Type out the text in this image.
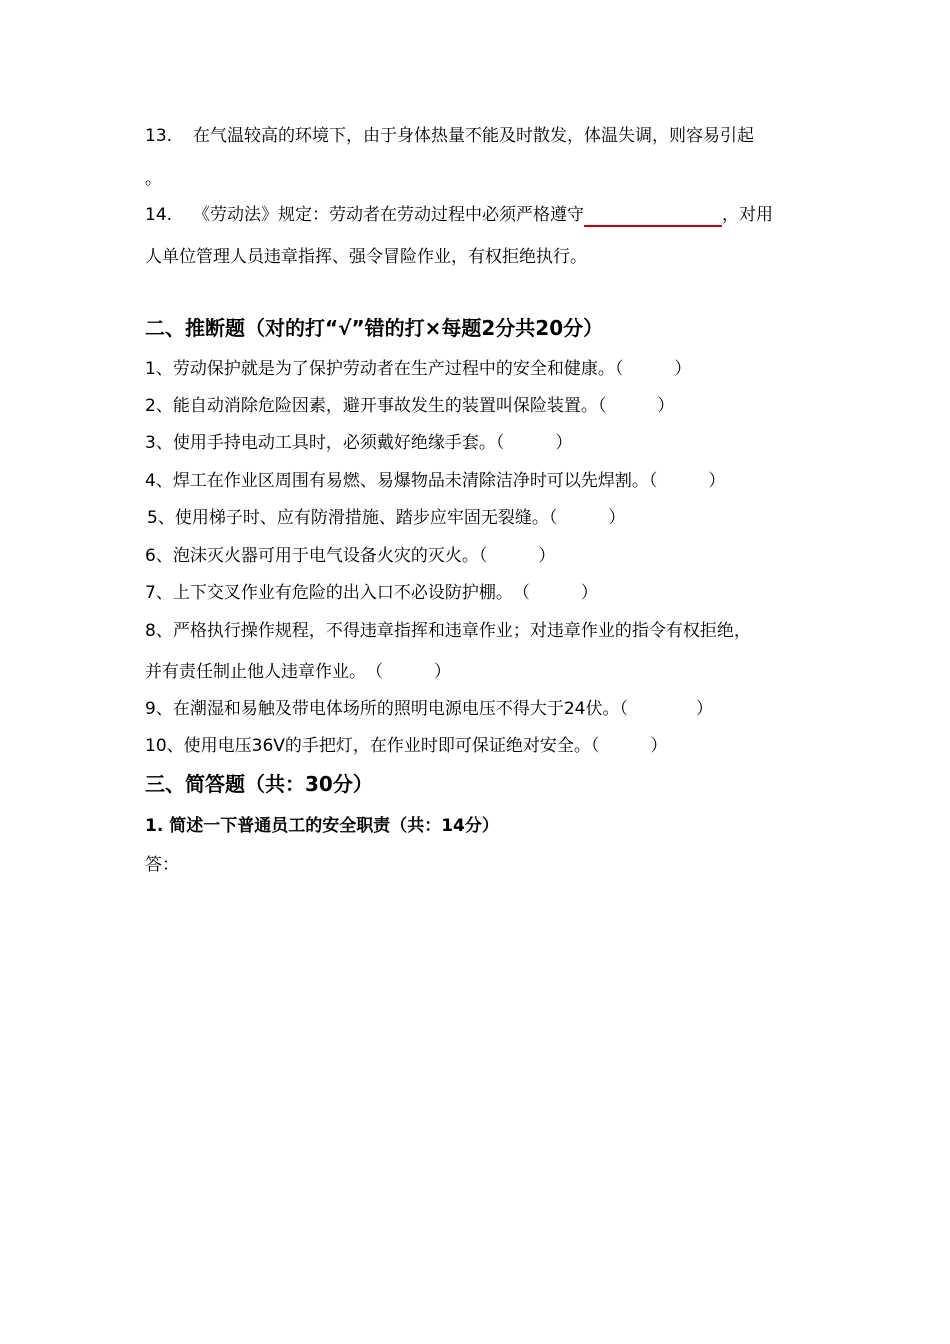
13. 在气温较高的环境下，由于身体热量不能及时散发，体温失调，则容易引起
。
14. 《劳动法》规定：劳动者在劳动过程中必须严格遵守	，对用
人单位管理人员违章指挥、强令冒险作业，有权拒绝执行。
二、推断题（对的打“√”错的打×每题2分共20分）
1、劳动保护就是为了保护劳动者在生产过程中的安全和健康。（　　　）
2、能自动消除危险因素，避开事故发生的装置叫保险装置。（　　　）
3、使用手持电动工具时，必须戴好绝缘手套。（　　　）
4、焊工在作业区周围有易燃、易爆物品未清除洁净时可以先焊割。（　　　）
5、使用梯子时、应有防滑措施、踏步应牢固无裂缝。（　　　）
6、泡沫灭火器可用于电气设备火灾的灭火。（　　　）
7、上下交叉作业有危险的出入口不必设防护棚。　（　　　）
8、严格执行操作规程，不得违章指挥和违章作业；对违章作业的指令有权拒绝，
并有责任制止他人违章作业。　（　　　）
9、在潮湿和易触及带电体场所的照明电源电压不得大于24伏。（　　　　）
10、使用电压36V的手把灯，在作业时即可保证绝对安全。（　　　）
三、简答题（共：30分）
1. 简述一下普通员工的安全职责（共：14分）
答：
